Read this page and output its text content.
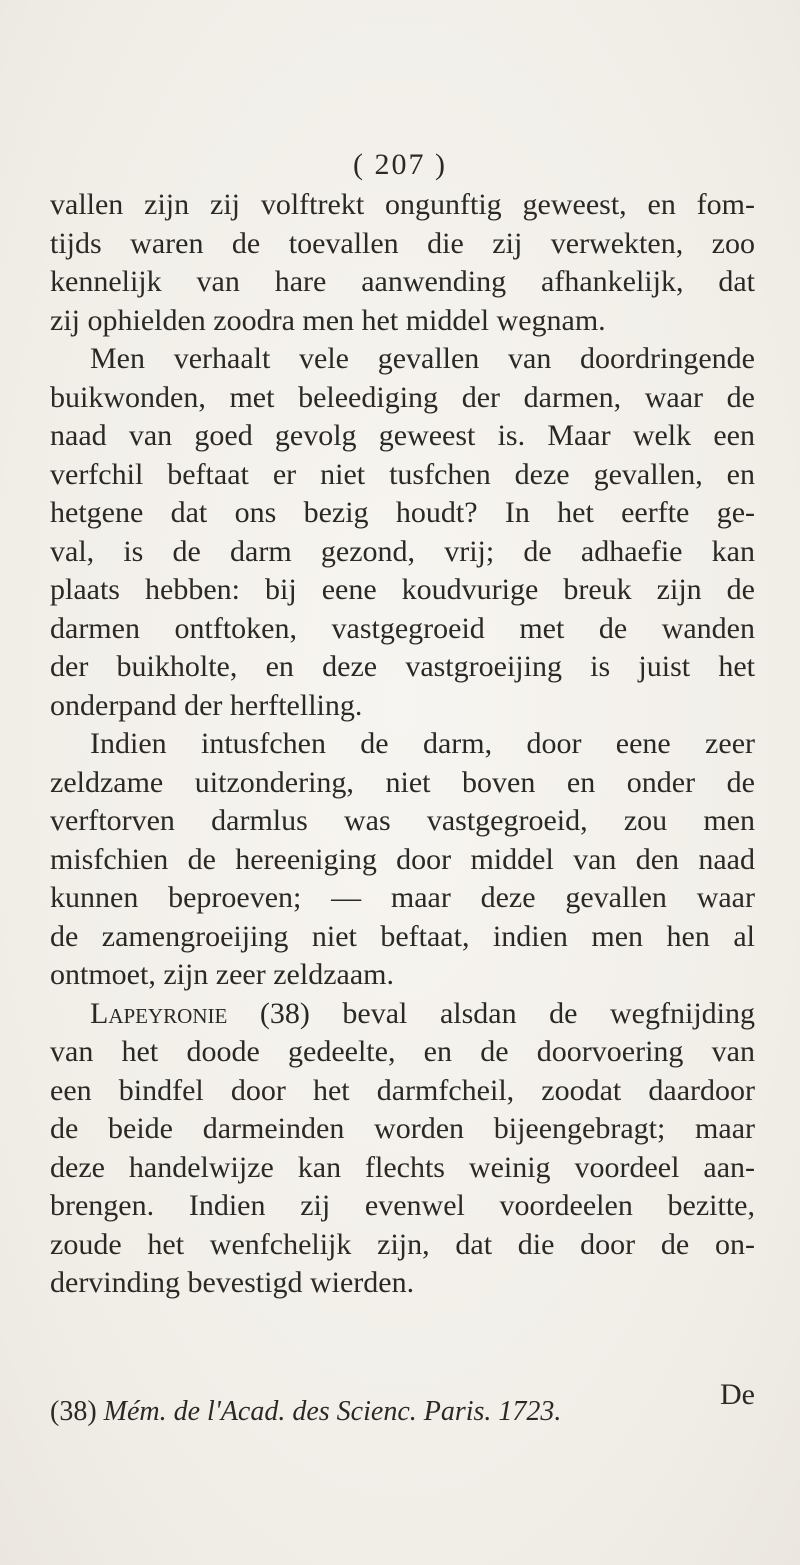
( 207 )
vallen zijn zij volftrekt ongunftig geweest, en fom-
tijds waren de toevallen die zij verwekten, zoo
kennelijk van hare aanwending afhankelijk, dat
zij ophielden zoodra men het middel wegnam.
Men verhaalt vele gevallen van doordringende
buikwonden, met beleediging der darmen, waar de
naad van goed gevolg geweest is. Maar welk een
verfchil beftaat er niet tusfchen deze gevallen, en
hetgene dat ons bezig houdt? In het eerfte ge-
val, is de darm gezond, vrij; de adhaefie kan
plaats hebben: bij eene koudvurige breuk zijn de
darmen ontftoken, vastgegroeid met de wanden
der buikholte, en deze vastgroeijing is juist het
onderpand der herftelling.
Indien intusfchen de darm, door eene zeer
zeldzame uitzondering, niet boven en onder de
verftorven darmlus was vastgegroeid, zou men
misfchien de hereeniging door middel van den naad
kunnen beproeven; — maar deze gevallen waar
de zamengroeijing niet beftaat, indien men hen al
ontmoet, zijn zeer zeldzaam.
Lapeyronie (38) beval alsdan de wegfnijding
van het doode gedeelte, en de doorvoering van
een bindfel door het darmfcheil, zoodat daardoor
de beide darmeinden worden bijeengebragt; maar
deze handelwijze kan flechts weinig voordeel aan-
brengen. Indien zij evenwel voordeelen bezitte,
zoude het wenfchelijk zijn, dat die door de on-
dervinding bevestigd wierden.
De
(38) Mém. de l'Acad. des Scienc. Paris. 1723.
